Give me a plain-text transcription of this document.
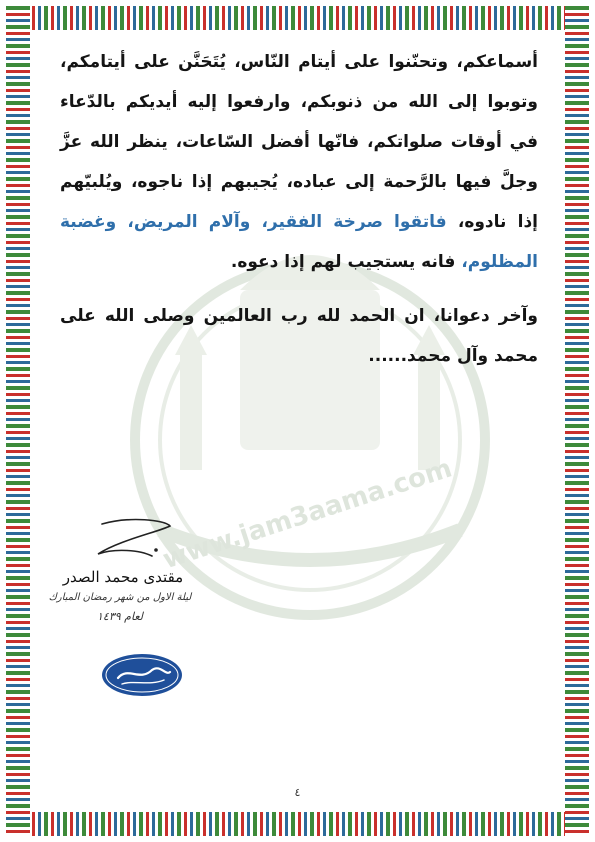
www.jam3aama.com
أسماعكم، وتحنّنوا على أيتام النّاس، يُتَحَنَّن على أيتامكم، وتوبوا إلى الله من ذنوبكم، وارفعوا إليه أيديكم بالدّعاء في أوقات صلواتكم، فانّها أفضل السّاعات، ينظر الله عزَّ وجلَّ فيها بالرَّحمة إلى عباده، يُجيبهم إذا ناجوه، ويُلبيّهم إذا نادوه، فاتقوا صرخة الفقير، وآلام المريض، وغضبة المظلوم، فانه يستجيب لهم إذا دعوه.
وآخر دعوانا، ان الحمد لله رب العالمين وصلى الله على محمد وآل محمد......
مقتدى محمد الصدر
ليلة الاول من شهر رمضان المبارك
لعام ١٤٣٩
٤
